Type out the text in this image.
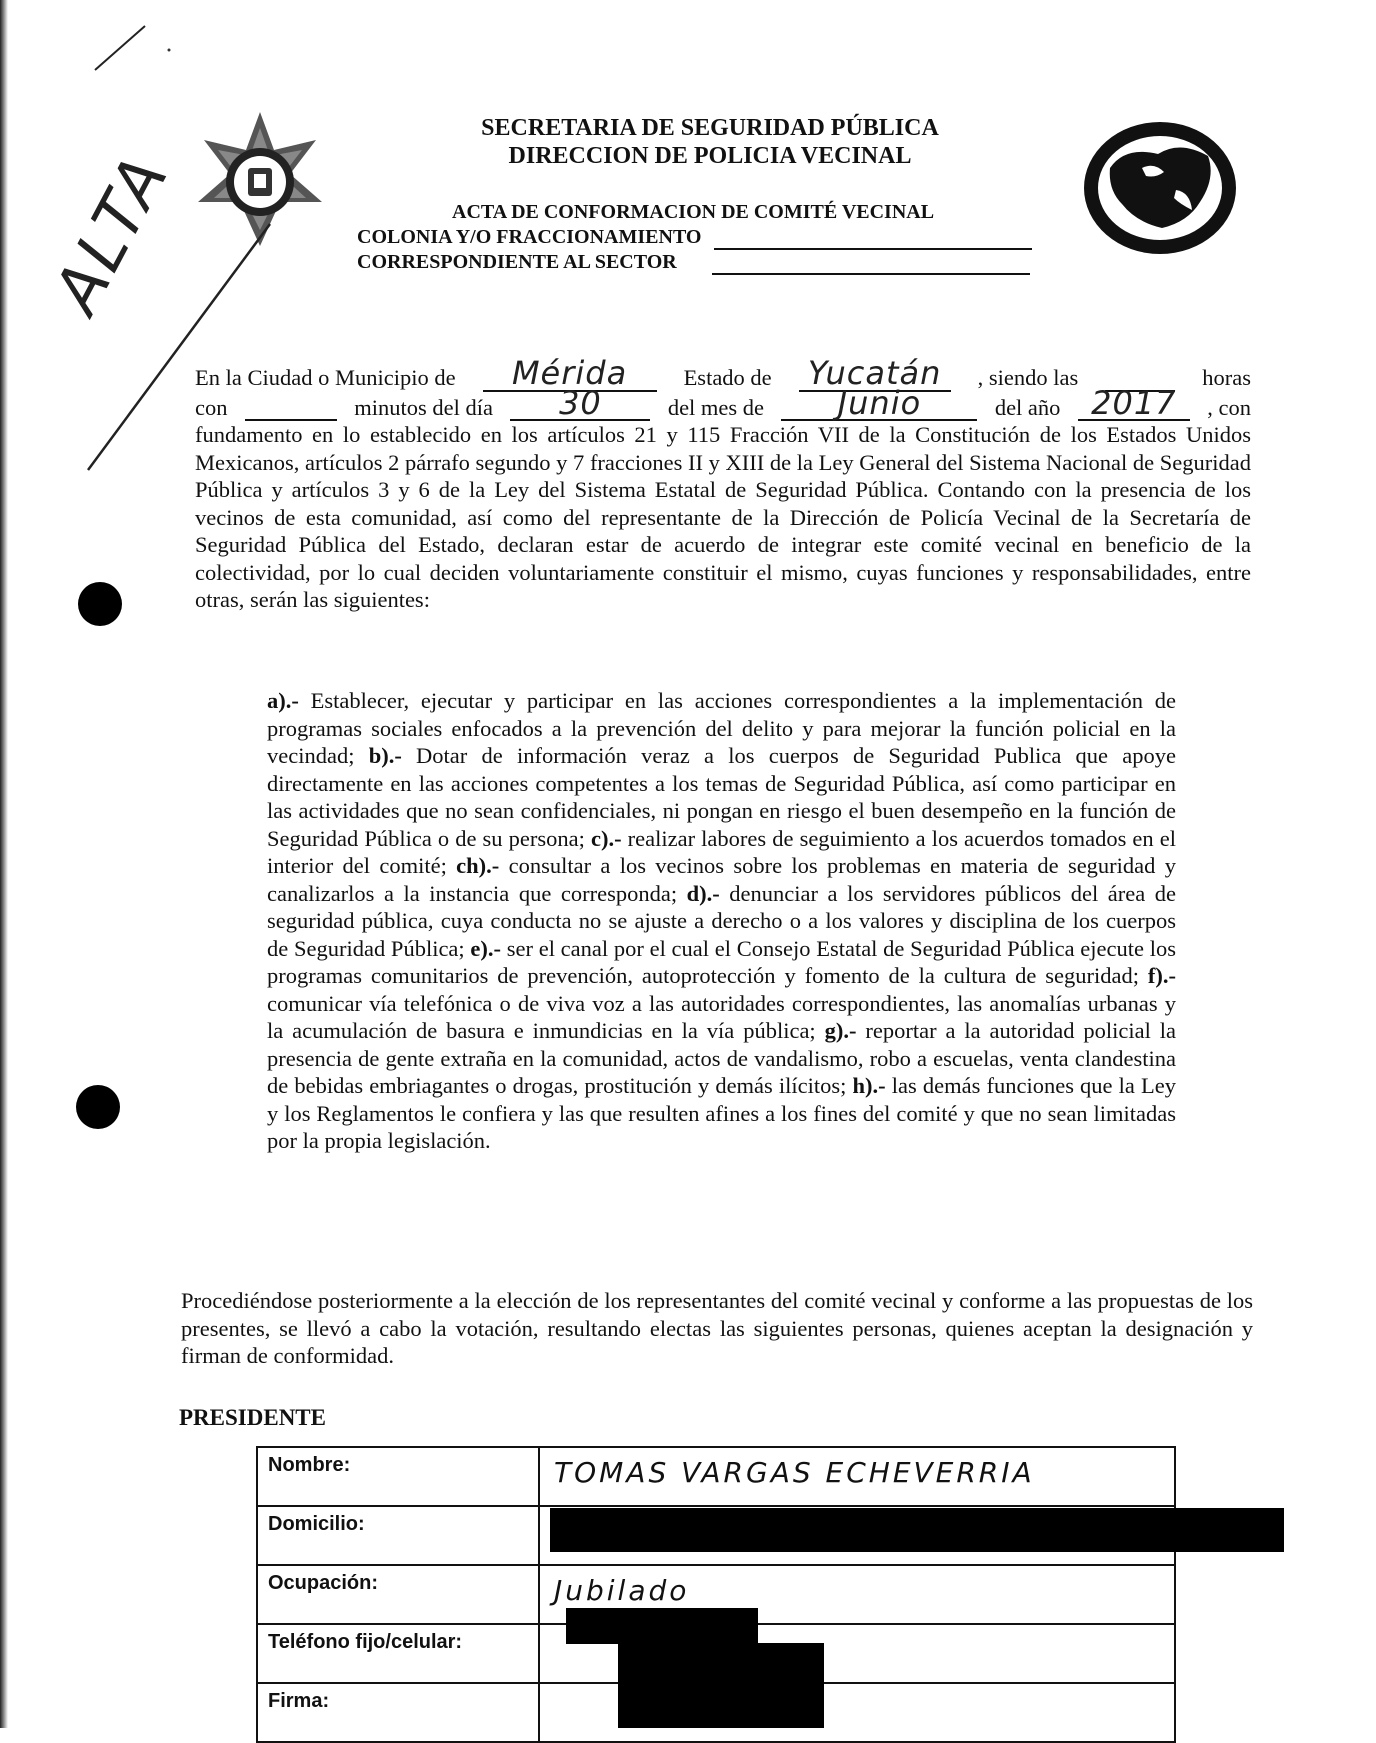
SECRETARIA DE SEGURIDAD PÚBLICA
DIRECCION DE POLICIA VECINAL
ACTA DE CONFORMACION DE COMITÉ VECINAL
COLONIA Y/O FRACCIONAMIENTO
CORRESPONDIENTE AL SECTOR
ALTA
En la Ciudad o Municipio de	Mérida	Estado de Yucatán	, siendo las	horas
con	minutos del día	30	del mes de	Junio	del año 2017	, con
fundamento en lo establecido en los artículos 21 y 115 Fracción VII de la Constitución de los Estados Unidos Mexicanos, artículos 2 párrafo segundo y 7 fracciones II y XIII de la Ley General del Sistema Nacional de Seguridad Pública y artículos 3 y 6 de la Ley del Sistema Estatal de Seguridad Pública. Contando con la presencia de los vecinos de esta comunidad, así como del representante de la Dirección de Policía Vecinal de la Secretaría de Seguridad Pública del Estado, declaran estar de acuerdo de integrar este comité vecinal en beneficio de la colectividad, por lo cual deciden voluntariamente constituir el mismo, cuyas funciones y responsabilidades, entre otras, serán las siguientes:
a).- Establecer, ejecutar y participar en las acciones correspondientes a la implementación de programas sociales enfocados a la prevención del delito y para mejorar la función policial en la vecindad; b).- Dotar de información veraz a los cuerpos de Seguridad Publica que apoye directamente en las acciones competentes a los temas de Seguridad Pública, así como participar en las actividades que no sean confidenciales, ni pongan en riesgo el buen desempeño en la función de Seguridad Pública o de su persona; c).- realizar labores de seguimiento a los acuerdos tomados en el interior del comité; ch).- consultar a los vecinos sobre los problemas en materia de seguridad y canalizarlos a la instancia que corresponda; d).- denunciar a los servidores públicos del área de seguridad pública, cuya conducta no se ajuste a derecho o a los valores y disciplina de los cuerpos de Seguridad Pública; e).- ser el canal por el cual el Consejo Estatal de Seguridad Pública ejecute los programas comunitarios de prevención, autoprotección y fomento de la cultura de seguridad; f).- comunicar vía telefónica o de viva voz a las autoridades correspondientes, las anomalías urbanas y la acumulación de basura e inmundicias en la vía pública; g).- reportar a la autoridad policial la presencia de gente extraña en la comunidad, actos de vandalismo, robo a escuelas, venta clandestina de bebidas embriagantes o drogas, prostitución y demás ilícitos; h).- las demás funciones que la Ley y los Reglamentos le confiera y las que resulten afines a los fines del comité y que no sean limitadas por la propia legislación.
Procediéndose posteriormente a la elección de los representantes del comité vecinal y conforme a las propuestas de los presentes, se llevó a cabo la votación, resultando electas las siguientes personas, quienes aceptan la designación y firman de conformidad.
PRESIDENTE
Nombre:	TOMAS VARGAS ECHEVERRIA
Domicilio:	
Ocupación:	Jubilado
Teléfono fijo/celular:	
Firma:	
